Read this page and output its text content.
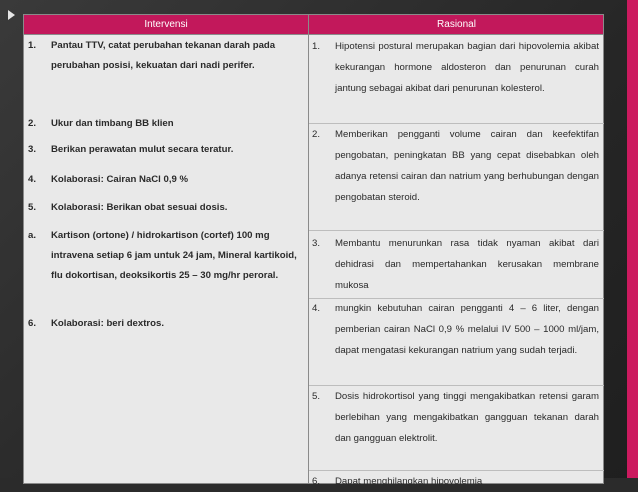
Intervensi	Rasional
1. Pantau TTV, catat perubahan tekanan darah pada perubahan posisi, kekuatan dari nadi perifer.
2. Ukur dan timbang BB klien
3. Berikan perawatan mulut secara teratur.
4. Kolaborasi: Cairan NaCl 0,9 %
5. Kolaborasi: Berikan obat sesuai dosis.
a. Kartison (ortone) / hidrokartison (cortef) 100 mg intravena setiap 6 jam untuk 24 jam, Mineral kartikoid, flu dokortisan, deoksikortis 25 – 30 mg/hr peroral.
6. Kolaborasi: beri dextros.
1. Hipotensi postural merupakan bagian dari hipovolemia akibat kekurangan hormone aldosteron dan penurunan curah jantung sebagai akibat dari penurunan kolesterol.
2. Memberikan pengganti volume cairan dan keefektifan pengobatan, peningkatan BB yang cepat disebabkan oleh adanya retensi cairan dan natrium yang berhubungan dengan pengobatan steroid.
3. Membantu menurunkan rasa tidak nyaman akibat dari dehidrasi dan mempertahankan kerusakan membrane mukosa
4. mungkin kebutuhan cairan pengganti 4 – 6 liter, dengan pemberian cairan NaCl 0,9 % melalui IV 500 – 1000 ml/jam, dapat mengatasi kekurangan natrium yang sudah terjadi.
5. Dosis hidrokortisol yang tinggi mengakibatkan retensi garam berlebihan yang mengakibatkan gangguan tekanan darah dan gangguan elektrolit.
6. Dapat menghilangkan hipovolemia
